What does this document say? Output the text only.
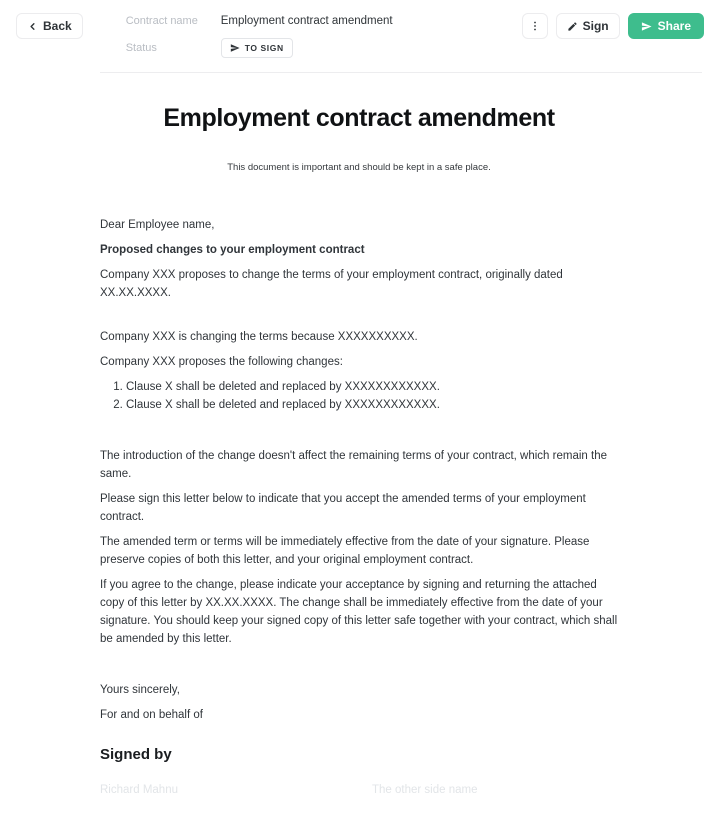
Back	Contract name	Employment contract amendment
Status	TO SIGN
Sign	Share
Employment contract amendment
This document is important and should be kept in a safe place.

Dear Employee name,

Proposed changes to your employment contract

Company XXX proposes to change the terms of your employment contract, originally dated XX.XX.XXXX.

Company XXX is changing the terms because XXXXXXXXXX.

Company XXX proposes the following changes:

1. Clause X shall be deleted and replaced by XXXXXXXXXXXX.
2. Clause X shall be deleted and replaced by XXXXXXXXXXXX.

The introduction of the change doesn't affect the remaining terms of your contract, which remain the same.

Please sign this letter below to indicate that you accept the amended terms of your employment contract.

The amended term or terms will be immediately effective from the date of your signature. Please preserve copies of both this letter, and your original employment contract.

If you agree to the change, please indicate your acceptance by signing and returning the attached copy of this letter by XX.XX.XXXX. The change shall be immediately effective from the date of your signature. You should keep your signed copy of this letter safe together with your contract, which shall be amended by this letter.

Yours sincerely,

For and on behalf of

Signed by
Richard Mahnu	The other side name
